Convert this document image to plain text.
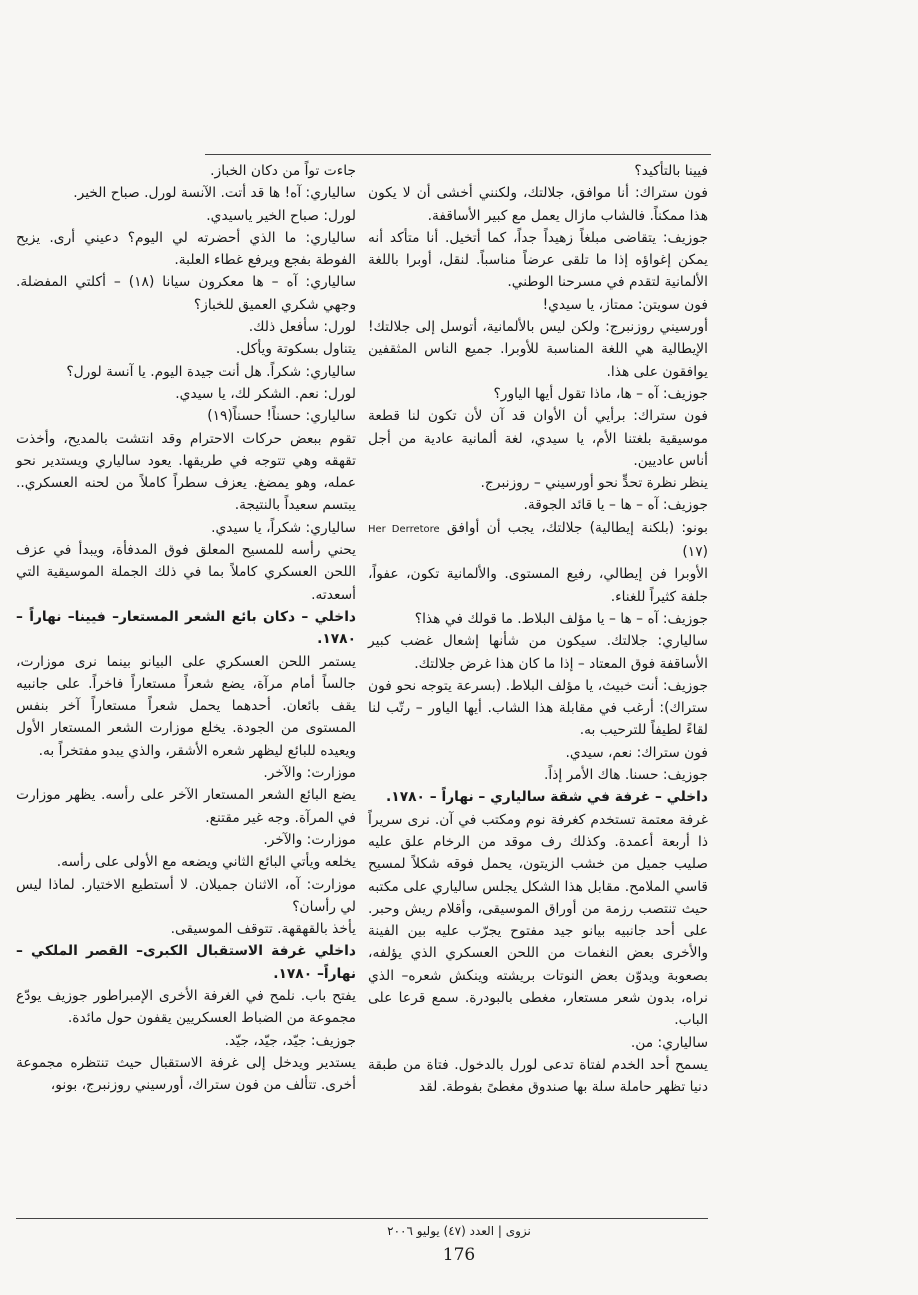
فيينا بالتأكيد؟

فون ستراك: أنا موافق، جلالتك، ولكنني أخشى أن لا يكون هذا ممكناً. فالشاب مازال يعمل مع كبير الأساقفة.

جوزيف: يتقاضى مبلغاً زهيداً جداً، كما أتخيل. أنا متأكد أنه يمكن إغواؤه إذا ما تلقى عرضاً مناسباً. لنقل، أوبرا باللغة الألمانية لتقدم في مسرحنا الوطني.

فون سويتن: ممتاز، يا سيدي!

أورسيني روزنبرج: ولكن ليس بالألمانية، أتوسل إلى جلالتك! الإيطالية هي اللغة المناسبة للأوبرا. جميع الناس المثقفين يوافقون على هذا.

جوزيف: آه – ها، ماذا تقول أيها الياور؟

فون ستراك: برأيي أن الأوان قد آن لأن تكون لنا قطعة موسيقية بلغتنا الأم، يا سيدي، لغة ألمانية عادية من أجل أناس عاديين.

ينظر نظرة تحدٍّ نحو أورسيني – روزنبرج.

جوزيف: آه – ها – يا قائد الجوقة.

بونو: (بلكنة إيطالية) جلالتك، يجب أن أوافق Her Derretore (١٧)

الأوبرا فن إيطالي، رفيع المستوى. والألمانية تكون، عفواً، جلفة كثيراً للغناء.

جوزيف: آه – ها – يا مؤلف البلاط. ما قولك في هذا؟

سالياري: جلالتك. سيكون من شأنها إشعال غضب كبير الأساقفة فوق المعتاد – إذا ما كان هذا غرض جلالتك.

جوزيف: أنت خبيث، يا مؤلف البلاط. (بسرعة يتوجه نحو فون ستراك): أرغب في مقابلة هذا الشاب. أيها الياور – رتّب لنا لقاءً لطيفاً للترحيب به.

فون ستراك: نعم، سيدي.

جوزيف: حسنا. هاك الأمر إذاً.

داخلي – غرفة في شقة سالياري – نهاراً – ١٧٨٠.

غرفة معتمة تستخدم كغرفة نوم ومكتب في آن. نرى سريراً ذا أربعة أعمدة. وكذلك رف موقد من الرخام علق عليه صليب جميل من خشب الزيتون، يحمل فوقه شكلاً لمسيح قاسي الملامح. مقابل هذا الشكل يجلس سالياري على مكتبه حيث تنتصب رزمة من أوراق الموسيقى، وأقلام ريش وحبر. على أحد جانبيه بيانو جيد مفتوح يجرّب عليه بين الفينة والأخرى بعض النغمات من اللحن العسكري الذي يؤلفه، بصعوبة ويدوّن بعض النوتات بريشته وينكش شعره– الذي نراه، بدون شعر مستعار، مغطى بالبودرة. سمع قرعا على الباب.

سالياري: من.

يسمح أحد الخدم لفتاة تدعى لورل بالدخول. فتاة من طبقة دنيا تظهر حاملة سلة بها صندوق مغطىً بفوطة. لقد

جاءت تواً من دكان الخباز.

سالياري: آه! ها قد أتت. الآنسة لورل. صباح الخير.

لورل: صباح الخير ياسيدي.

سالياري: ما الذي أحضرته لي اليوم؟ دعيني أرى. يزيح الفوطة بفجع ويرفع غطاء العلبة.

سالياري: آه – ها معكرون سيانا (١٨) – أكلتي المفضلة. وجهي شكري العميق للخباز؟

لورل: سأفعل ذلك.

يتناول بسكوتة ويأكل.

سالياري: شكراً. هل أنت جيدة اليوم. يا آنسة لورل؟

لورل: نعم. الشكر لك، يا سيدي.

سالياري: حسناً! حسناً(١٩)

تقوم ببعض حركات الاحترام وقد انتشت بالمديح، وأخذت تقهقه وهي تتوجه في طريقها. يعود سالياري ويستدير نحو عمله، وهو يمضغ. يعزف سطراً كاملاً من لحنه العسكري.. يبتسم سعيداً بالنتيجة.

سالياري: شكراً، يا سيدي.

يحني رأسه للمسيح المعلق فوق المدفأة، ويبدأ في عزف اللحن العسكري كاملاً بما في ذلك الجملة الموسيقية التي أسعدته.

داخلي – دكان بائع الشعر المستعار– فيينا– نهاراً – ١٧٨٠.

يستمر اللحن العسكري على البيانو بينما نرى موزارت، جالساً أمام مرآة، يضع شعراً مستعاراً فاخراً. على جانبيه يقف بائعان. أحدهما يحمل شعراً مستعاراً آخر بنفس المستوى من الجودة. يخلع موزارت الشعر المستعار الأول ويعيده للبائع ليظهر شعره الأشقر، والذي يبدو مفتخراً به.

موزارت: والآخر.

يضع البائع الشعر المستعار الآخر على رأسه. يظهر موزارت في المرآة. وجه غير مقتنع.

موزارت: والآخر.

يخلعه ويأتي البائع الثاني ويضعه مع الأولى على رأسه.

موزارت: آه، الاثنان جميلان. لا أستطيع الاختيار. لماذا ليس لي رأسان؟

يأخذ بالقهقهة. تتوقف الموسيقى.

داخلي غرفة الاستقبال الكبرى– القصر الملكي – نهاراً– ١٧٨٠.

يفتح باب. نلمح في الغرفة الأخرى الإمبراطور جوزيف يودّع مجموعة من الضباط العسكريين يقفون حول مائدة.

جوزيف: جيّد، جيّد، جيّد.

يستدير ويدخل إلى غرفة الاستقبال حيث تنتظره مجموعة أخرى. تتألف من فون ستراك، أورسيني روزنبرج، بونو،

نزوى | العدد (٤٧) يوليو ٢٠٠٦
176
